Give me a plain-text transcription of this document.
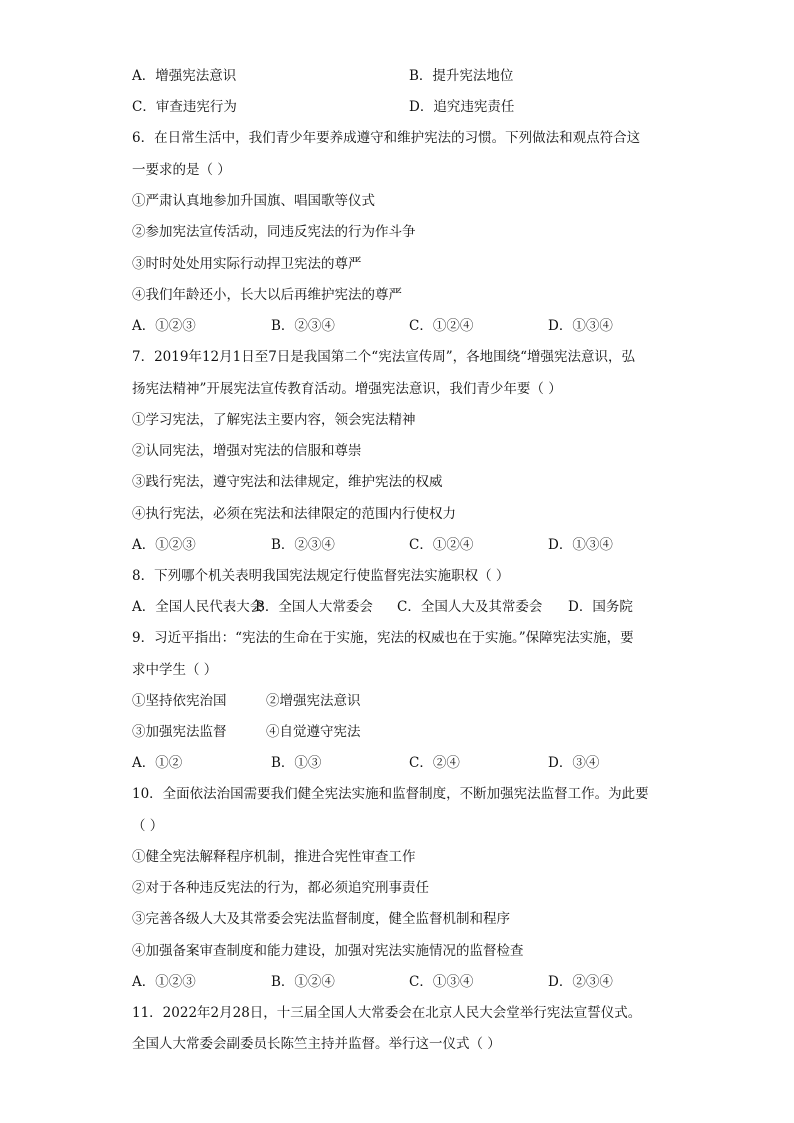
A．增强宪法意识	B．提升宪法地位
C．审查违宪行为	D．追究违宪责任
6．在日常生活中，我们青少年要养成遵守和维护宪法的习惯。下列做法和观点符合这
一要求的是（ ）
①严肃认真地参加升国旗、唱国歌等仪式
②参加宪法宣传活动，同违反宪法的行为作斗争
③时时处处用实际行动捍卫宪法的尊严
④我们年龄还小，长大以后再维护宪法的尊严
A．①②③	B．②③④	C．①②④	D．①③④
7．2019年12月1日至7日是我国第二个“宪法宣传周”，各地围绕“增强宪法意识，弘
扬宪法精神”开展宪法宣传教育活动。增强宪法意识，我们青少年要（ ）
①学习宪法，了解宪法主要内容，领会宪法精神
②认同宪法，增强对宪法的信服和尊崇
③践行宪法，遵守宪法和法律规定，维护宪法的权威
④执行宪法，必须在宪法和法律限定的范围内行使权力
A．①②③	B．②③④	C．①②④	D．①③④
8．下列哪个机关表明我国宪法规定行使监督宪法实施职权（ ）
A．全国人民代表大会
B．全国人大常委会 C．全国人大及其常委会 D．国务院
9．习近平指出：“宪法的生命在于实施，宪法的权威也在于实施。”保障宪法实施，要
求中学生（ ）
①坚持依宪治国	②增强宪法意识
③加强宪法监督	④自觉遵守宪法
A．①②	B．①③	C．②④	D．③④
10．全面依法治国需要我们健全宪法实施和监督制度，不断加强宪法监督工作。为此要
（ ）
①健全宪法解释程序机制，推进合宪性审查工作
②对于各种违反宪法的行为，都必须追究刑事责任
③完善各级人大及其常委会宪法监督制度，健全监督机制和程序
④加强备案审查制度和能力建设，加强对宪法实施情况的监督检查
A．①②③	B．①②④	C．①③④	D．②③④
11．2022年2月28日，十三届全国人大常委会在北京人民大会堂举行宪法宣誓仪式。
全国人大常委会副委员长陈竺主持并监督。举行这一仪式（ ）
